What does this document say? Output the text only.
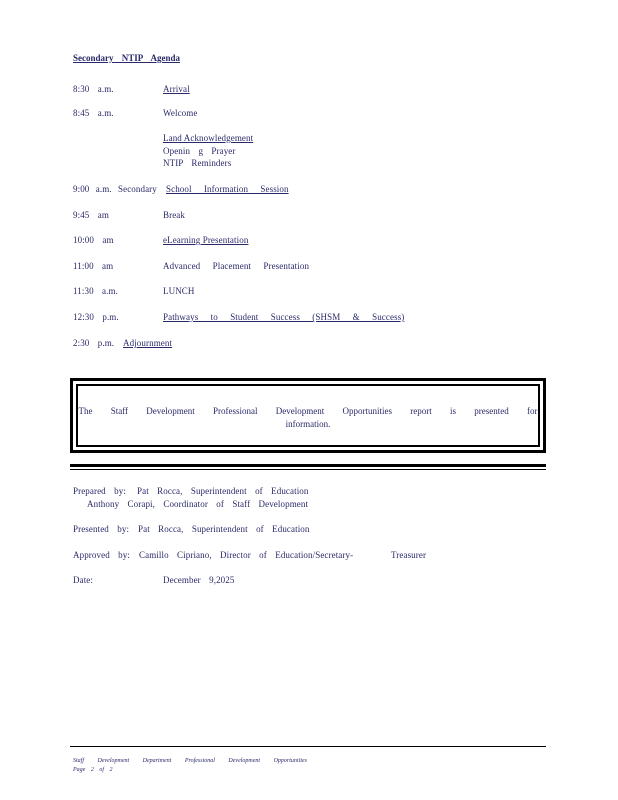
Secondary NTIP Agenda
8:30 a.m.	Arrival
8:45 a.m.	Welcome
Land Acknowledgement
Openin g Prayer
NTIP Reminders
9:00 a.m. Secondary School Information Session
9:45 am	Break
10:00 am	eLearning Presentation
11:00 am	Advanced Placement Presentation
11:30 a.m.	LUNCH
12:30 p.m.	Pathways to Student Success (SHSM & Success)
2:30 p.m. Adjournment
The Staff Development Professional Development Opportunities report is presented for information.
Prepared by: Pat Rocca, Superintendent of Education
Anthony Corapi, Coordinator of Staff Development
Presented by: Pat Rocca, Superintendent of Education
Approved by: Camillo Cipriano, Director of Education/Secretary-	Treasurer
Date:	December 9,2025
Staff Development Department Professional Development Opportunities
Page 2 of 2
